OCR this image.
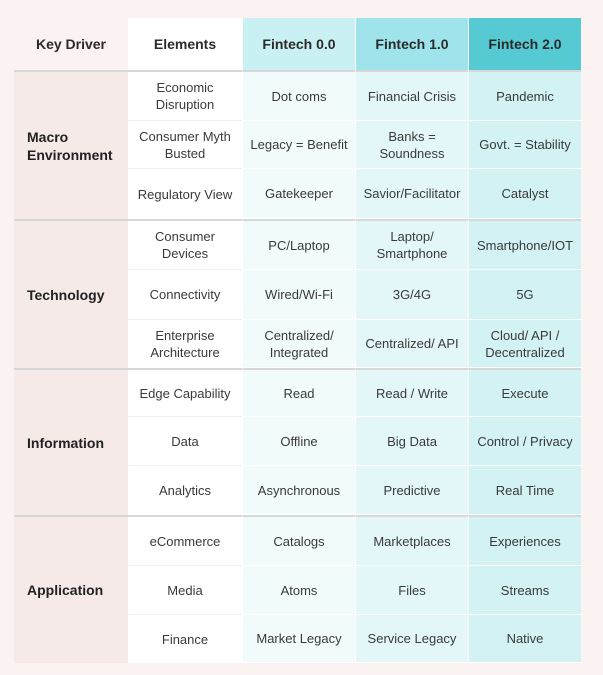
Key Driver	Elements	Fintech 0.0	Fintech 1.0	Fintech 2.0
Macro Environment	Economic Disruption	Dot coms	Financial Crisis	Pandemic
	Consumer Myth Busted	Legacy = Benefit	Banks = Soundness	Govt. = Stability
	Regulatory View	Gatekeeper	Savior/Facilitator	Catalyst
Technology	Consumer Devices	PC/Laptop	Laptop/ Smartphone	Smartphone/IOT
	Connectivity	Wired/Wi-Fi	3G/4G	5G
	Enterprise Architecture	Centralized/ Integrated	Centralized/ API	Cloud/ API / Decentralized
Information	Edge Capability	Read	Read / Write	Execute
	Data	Offline	Big Data	Control / Privacy
	Analytics	Asynchronous	Predictive	Real Time
Application	eCommerce	Catalogs	Marketplaces	Experiences
	Media	Atoms	Files	Streams
	Finance	Market Legacy	Service Legacy	Native
